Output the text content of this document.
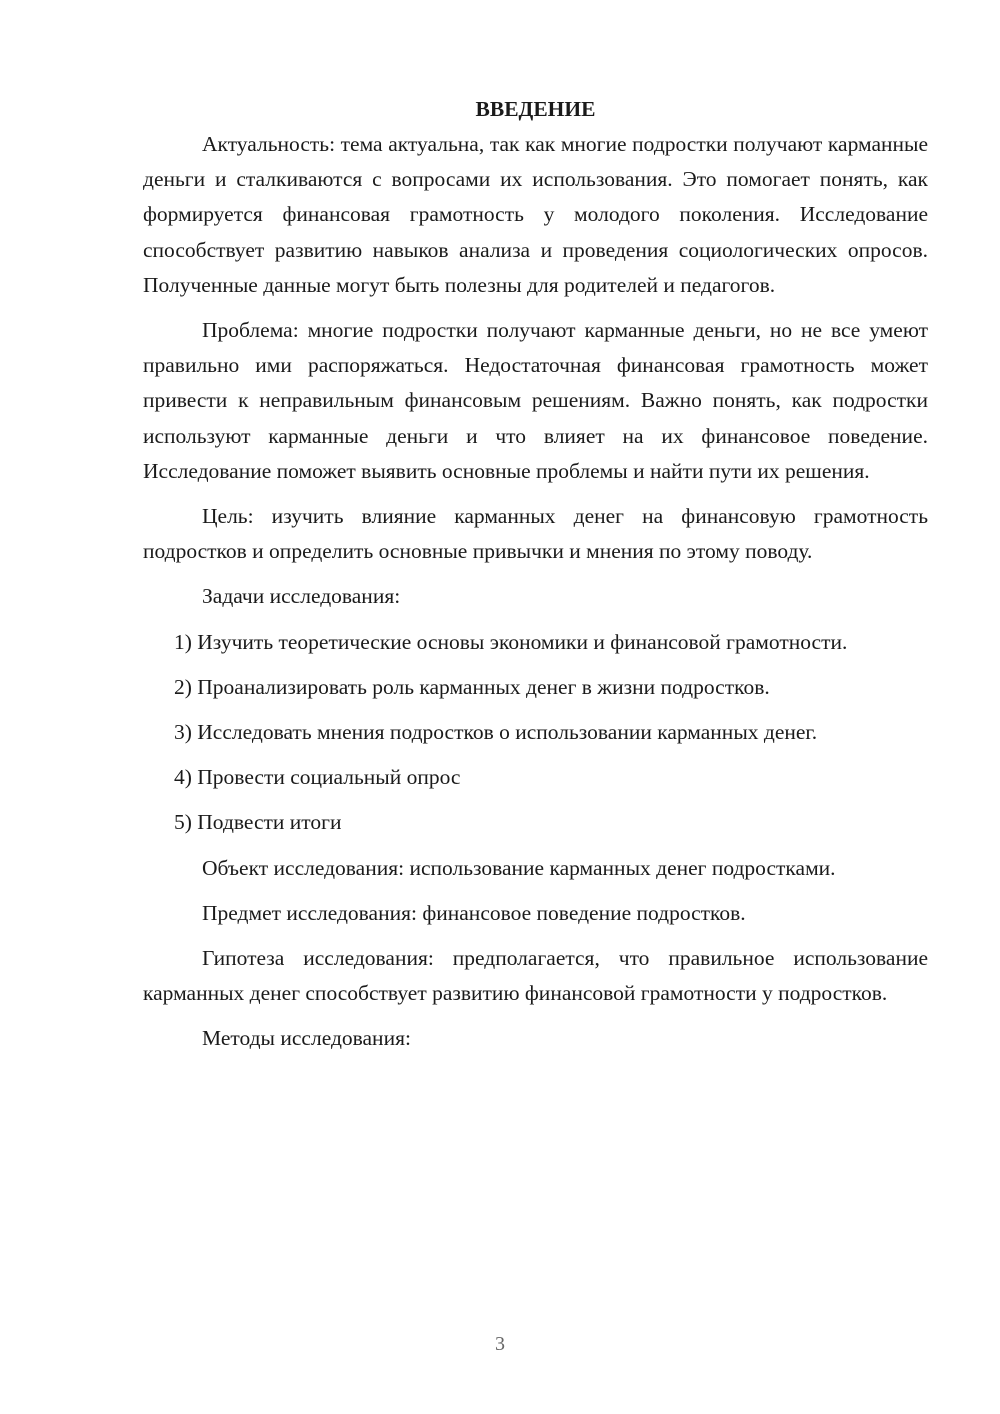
ВВЕДЕНИЕ

Актуальность: тема актуальна, так как многие подростки получают карманные деньги и сталкиваются с вопросами их использования. Это помогает понять, как формируется финансовая грамотность у молодого поколения. Исследование способствует развитию навыков анализа и проведения социологических опросов. Полученные данные могут быть полезны для родителей и педагогов.

Проблема: многие подростки получают карманные деньги, но не все умеют правильно ими распоряжаться. Недостаточная финансовая грамотность может привести к неправильным финансовым решениям. Важно понять, как подростки используют карманные деньги и что влияет на их финансовое поведение. Исследование поможет выявить основные проблемы и найти пути их решения.

Цель: изучить влияние карманных денег на финансовую грамотность подростков и определить основные привычки и мнения по этому поводу.

Задачи исследования:

1) Изучить теоретические основы экономики и финансовой грамотности.

2) Проанализировать роль карманных денег в жизни подростков.

3) Исследовать мнения подростков о использовании карманных денег.

4) Провести социальный опрос

5) Подвести итоги

Объект исследования: использование карманных денег подростками.

Предмет исследования: финансовое поведение подростков.

Гипотеза исследования: предполагается, что правильное использование карманных денег способствует развитию финансовой грамотности у подростков.

Методы исследования:

3
